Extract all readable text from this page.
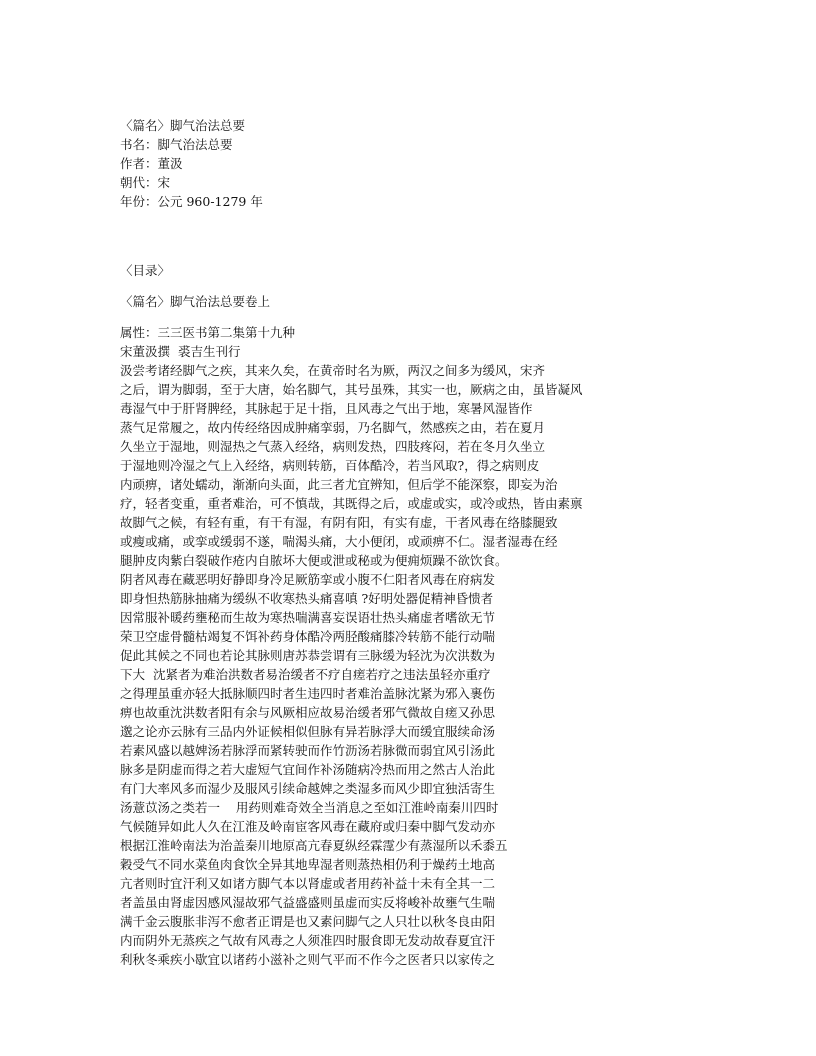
〈篇名〉脚气治法总要
书名：脚气治法总要
作者：董汲
朝代：宋
年份：公元 960-1279 年
〈目录〉
〈篇名〉脚气治法总要卷上
属性：三三医书第二集第十九种
宋董汲撰  裘吉生刊行
汲尝考诸经脚气之疾，其来久矣，在黄帝时名为厥，两汉之间多为缓风，宋齐
之后，谓为脚弱，至于大唐，始名脚气，其号虽殊，其实一也，厥病之由，虽皆凝风
毒湿气中于肝肾脾经，其脉起于足十指，且风毒之气出于地，寒暑风湿皆作
蒸气足常履之，故内传经络因成肿痛挛弱，乃名脚气，然感疾之由，若在夏月
久坐立于湿地，则湿热之气蒸入经络，病则发热，四肢疼闷，若在冬月久坐立
于湿地则冷湿之气上入经络，病则转筋，百体酷冷，若当风取?，得之病则皮
内顽痹，诸处蠕动，渐渐向头面，此三者尤宜辨知，但后学不能深察，即妄为治
疗，轻者变重，重者难治，可不慎哉，其既得之后，或虚或实，或冷或热，皆由素禀
故脚气之候，有轻有重，有干有湿，有阴有阳，有实有虚，干者风毒在络膝腿致
或瘦或痛，或挛或缓弱不遂，喘渴头痛，大小便闭，或顽痹不仁。湿者湿毒在经
腿肿皮肉紫白裂破作疮内自脓坏大便或泄或秘或为便痈烦躁不欲饮食。
阴者风毒在藏恶明好静即身冷足厥筋挛或小腹不仁阳者风毒在府病发
即身怛热筋脉抽痛为缓纵不收寒热头痛喜嗔 ?好明处器促精神昏愦者
因常服补暖药壅秘而生故为寒热喘满喜妄误语壮热头痛虚者嗜欲无节
荣卫空虚骨髓枯竭复不饵补药身体酷冷两胫酸痛膝冷转筋不能行动喘
促此其候之不同也若论其脉则唐苏恭尝谓有三脉缓为轻沈为次洪数为
下大  沈紧者为难治洪数者易治缓者不疗自瘥若疗之违法虽轻亦重疗
之得理虽重亦轻大抵脉顺四时者生违四时者难治盖脉沈紧为邪入裹伤
痹也故重沈洪数者阳有余与风厥相应故易治缓者邪气微故自瘥又孙思
邈之论亦云脉有三品内外证候相似但脉有异若脉浮大而缓宜服续命汤
若素风盛以越婢汤若脉浮而紧转驶而作竹沥汤若脉微而弱宜风引汤此
脉多是阴虚而得之若大虚短气宜间作补汤随病冷热而用之然古人治此
有门大率风多而湿少及服风引续命越婢之类湿多而风少即宜独活寄生
汤薏苡汤之类若一    用药则难奇效全当消息之至如江淮岭南秦川四时
气候随异如此人久在江淮及岭南宦客风毒在藏府或归秦中脚气发动亦
根据江淮岭南法为治盖秦川地原高亢春夏纵经霖霪少有蒸湿所以禾黍五
穀受气不同水菜鱼肉食饮全异其地卑湿者则蒸热相仍利于燥药土地高
亢者则时宜汗利又如诸方脚气本以肾虚或者用药补益十未有全其一二
者盖虽由肾虚因感风湿故邪气益盛盛则虽虚而实反将峻补故壅气生喘
满千金云腹胀非泻不愈者正谓是也又素问脚气之人只壮以秋冬良由阳
内而阴外无蒸疾之气故有风毒之人须准四时服食即无发动故春夏宜汗
利秋冬乘疾小歇宜以诸药小滋补之则气平而不作今之医者只以家传之
